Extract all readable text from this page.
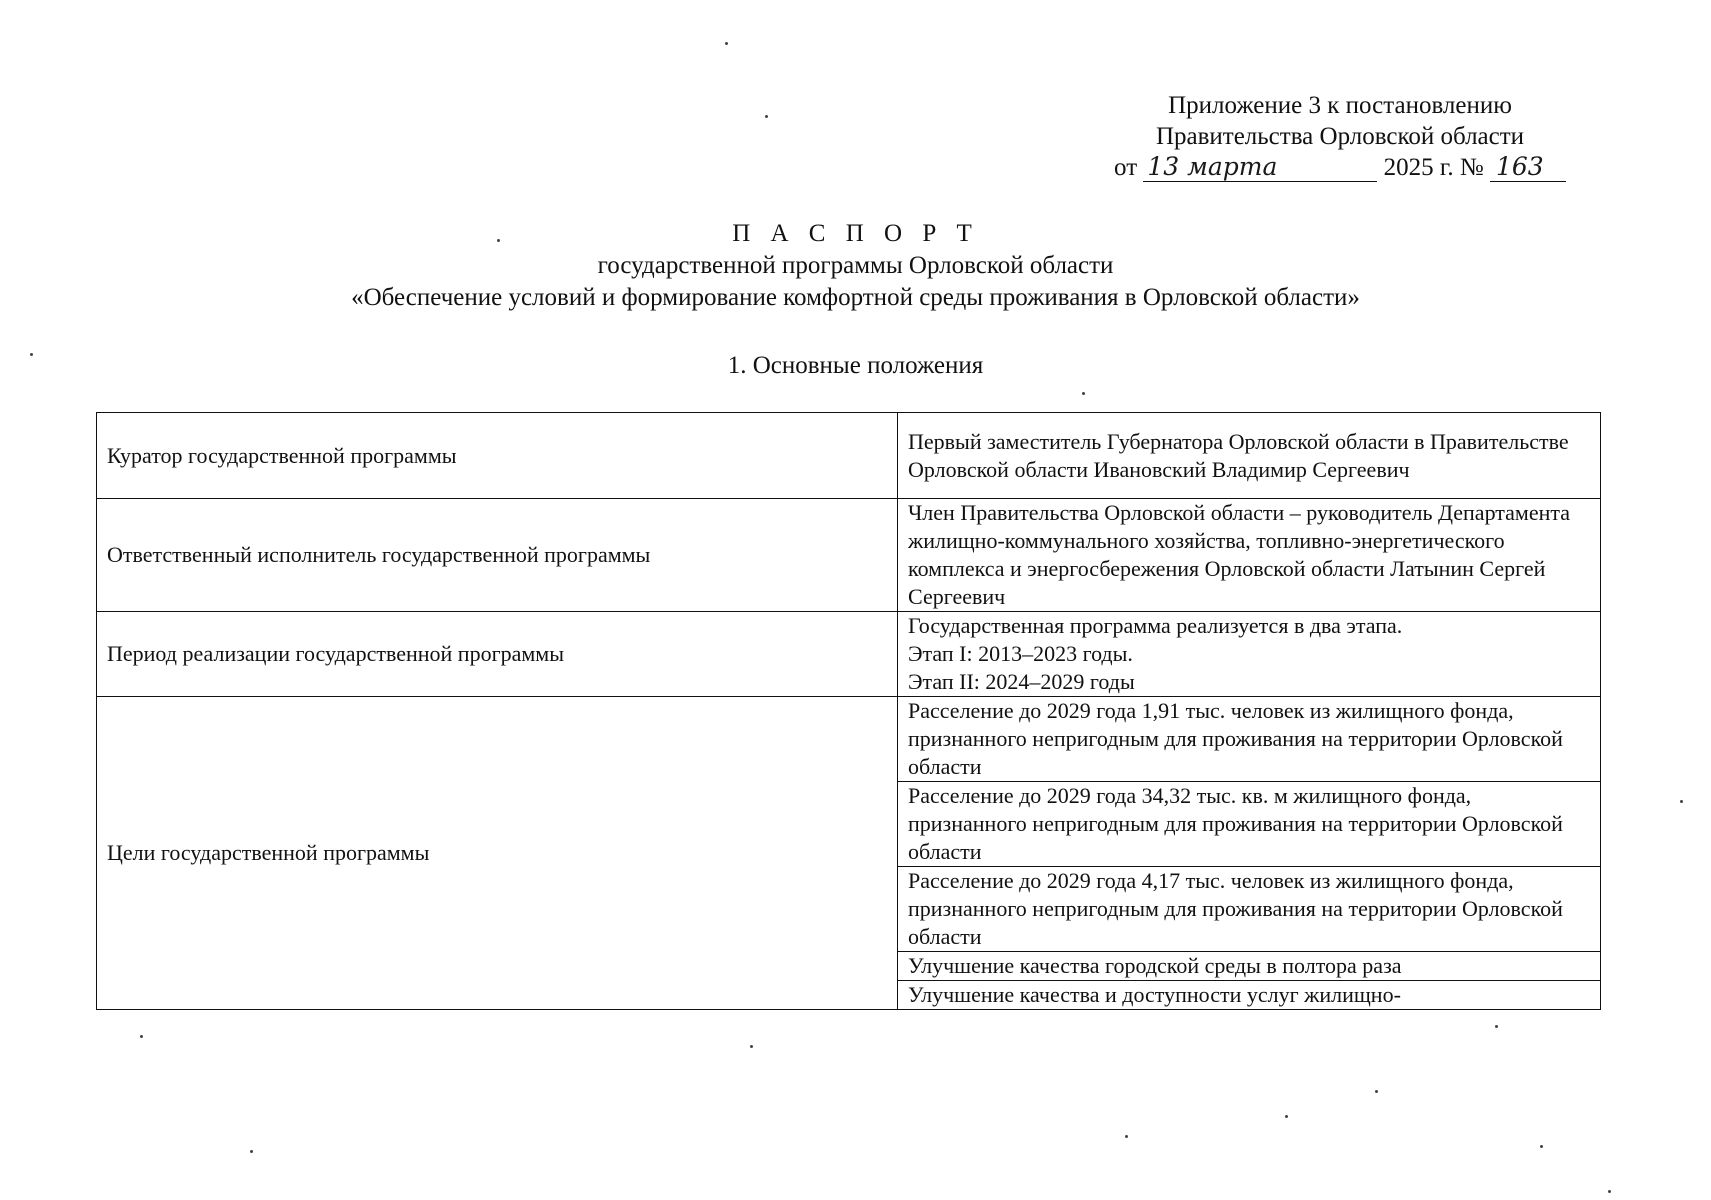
Приложение 3 к постановлению
Правительства Орловской области
от 13 марта	2025 г. № 163
П А С П О Р Т
государственной программы Орловской области
«Обеспечение условий и формирование комфортной среды проживания в Орловской области»
1. Основные положения
Куратор государственной программы	Первый заместитель Губернатора Орловской области в Правительстве Орловской области Ивановский Владимир Сергеевич
Ответственный исполнитель государственной программы	Член Правительства Орловской области – руководитель Департамента жилищно-коммунального хозяйства, топливно-энергетического комплекса и энергосбережения Орловской области Латынин Сергей Сергеевич
Период реализации государственной программы	Государственная программа реализуется в два этапа.
Этап I: 2013–2023 годы.
Этап II: 2024–2029 годы

Цели государственной программы	Расселение до 2029 года 1,91 тыс. человек из жилищного фонда, признанного непригодным для проживания на территории Орловской области
	Расселение до 2029 года 34,32 тыс. кв. м жилищного фонда, признанного непригодным для проживания на территории Орловской области
	Расселение до 2029 года 4,17 тыс. человек из жилищного фонда, признанного непригодным для проживания на территории Орловской области
	Улучшение качества городской среды в полтора раза
	Улучшение качества и доступности услуг жилищно-
